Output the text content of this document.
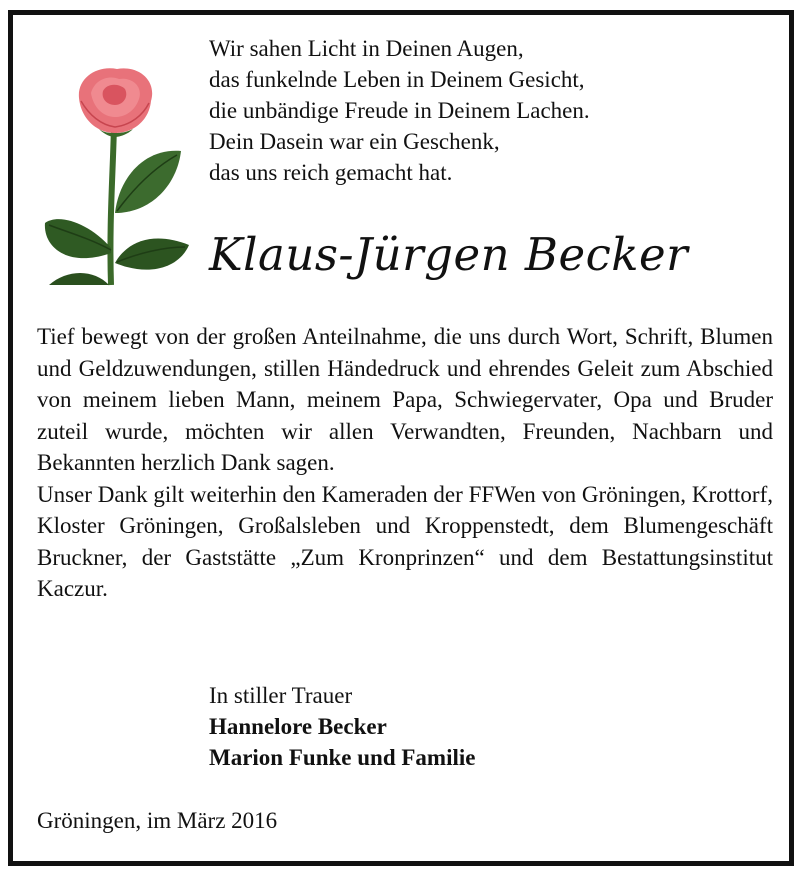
Wir sahen Licht in Deinen Augen,
das funkelnde Leben in Deinem Gesicht,
die unbändige Freude in Deinem Lachen.
Dein Dasein war ein Geschenk,
das uns reich gemacht hat.
Klaus-Jürgen Becker

Tief bewegt von der großen Anteilnahme, die uns durch Wort, Schrift, Blumen und Geldzuwendungen, stillen Händedruck und ehrendes Geleit zum Abschied von meinem lieben Mann, meinem Papa, Schwiegervater, Opa und Bruder zuteil wurde, möchten wir allen Verwandten, Freunden, Nachbarn und Bekannten herzlich Dank sagen.

Unser Dank gilt weiterhin den Kameraden der FFWen von Gröningen, Krottorf, Kloster Gröningen, Großalsleben und Kroppenstedt, dem Blumengeschäft Bruckner, der Gaststätte „Zum Kronprinzen“ und dem Bestattungsinstitut Kaczur.

In stiller Trauer
Hannelore Becker
Marion Funke und Familie
Gröningen, im März 2016
